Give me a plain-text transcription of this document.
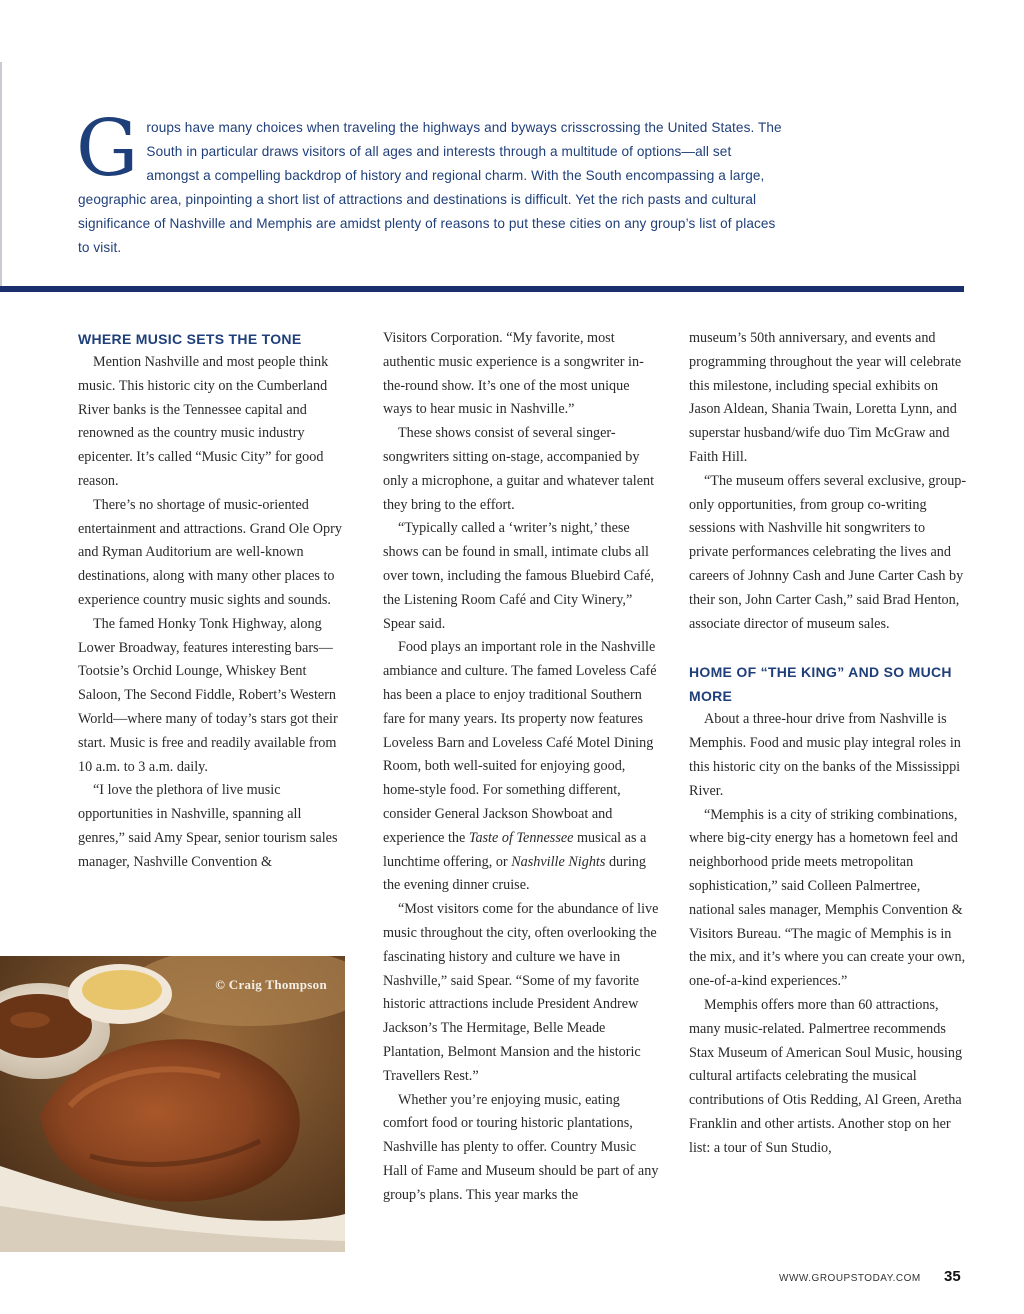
Groups have many choices when traveling the highways and byways crisscrossing the United States. The South in particular draws visitors of all ages and interests through a multitude of options—all set amongst a compelling backdrop of history and regional charm. With the South encompassing a large, geographic area, pinpointing a short list of attractions and destinations is difficult. Yet the rich pasts and cultural significance of Nashville and Memphis are amidst plenty of reasons to put these cities on any group’s list of places to visit.
WHERE MUSIC SETS THE TONE

Mention Nashville and most people think music. This historic city on the Cumberland River banks is the Tennessee capital and renowned as the country music industry epicenter. It’s called “Music City” for good reason.

There’s no shortage of music-oriented entertainment and attractions. Grand Ole Opry and Ryman Auditorium are well-known destinations, along with many other places to experience country music sights and sounds.

The famed Honky Tonk Highway, along Lower Broadway, features interesting bars—Tootsie’s Orchid Lounge, Whiskey Bent Saloon, The Second Fiddle, Robert’s Western World—where many of today’s stars got their start. Music is free and readily available from 10 a.m. to 3 a.m. daily.

“I love the plethora of live music opportunities in Nashville, spanning all genres,” said Amy Spear, senior tourism sales manager, Nashville Convention &

Visitors Corporation. “My favorite, most authentic music experience is a songwriter in-the-round show. It’s one of the most unique ways to hear music in Nashville.”

These shows consist of several singer-songwriters sitting on-stage, accompanied by only a microphone, a guitar and whatever talent they bring to the effort.

“Typically called a ‘writer’s night,’ these shows can be found in small, intimate clubs all over town, including the famous Bluebird Café, the Listening Room Café and City Winery,” Spear said.

Food plays an important role in the Nashville ambiance and culture. The famed Loveless Café has been a place to enjoy traditional Southern fare for many years. Its property now features Loveless Barn and Loveless Café Motel Dining Room, both well-suited for enjoying good, home-style food. For something different, consider General Jackson Showboat and experience the Taste of Tennessee musical as a lunchtime offering, or Nashville Nights during the evening dinner cruise.

“Most visitors come for the abundance of live music throughout the city, often overlooking the fascinating history and culture we have in Nashville,” said Spear. “Some of my favorite historic attractions include President Andrew Jackson’s The Hermitage, Belle Meade Plantation, Belmont Mansion and the historic Travellers Rest.”

Whether you’re enjoying music, eating comfort food or touring historic plantations, Nashville has plenty to offer. Country Music Hall of Fame and Museum should be part of any group’s plans. This year marks the

museum’s 50th anniversary, and events and programming throughout the year will celebrate this milestone, including special exhibits on Jason Aldean, Shania Twain, Loretta Lynn, and superstar husband/wife duo Tim McGraw and Faith Hill.

“The museum offers several exclusive, group-only opportunities, from group co-writing sessions with Nashville hit songwriters to private performances celebrating the lives and careers of Johnny Cash and June Carter Cash by their son, John Carter Cash,” said Brad Henton, associate director of museum sales.

HOME OF “THE KING” AND SO MUCH MORE

About a three-hour drive from Nashville is Memphis. Food and music play integral roles in this historic city on the banks of the Mississippi River.

“Memphis is a city of striking combinations, where big-city energy has a hometown feel and neighborhood pride meets metropolitan sophistication,” said Colleen Palmertree, national sales manager, Memphis Convention & Visitors Bureau. “The magic of Memphis is in the mix, and it’s where you can create your own, one-of-a-kind experiences.”

Memphis offers more than 60 attractions, many music-related. Palmertree recommends Stax Museum of American Soul Music, housing cultural artifacts celebrating the musical contributions of Otis Redding, Al Green, Aretha Franklin and other artists. Another stop on her list: a tour of Sun Studio,

© Craig Thompson
WWW.GROUPSTODAY.COM 35
